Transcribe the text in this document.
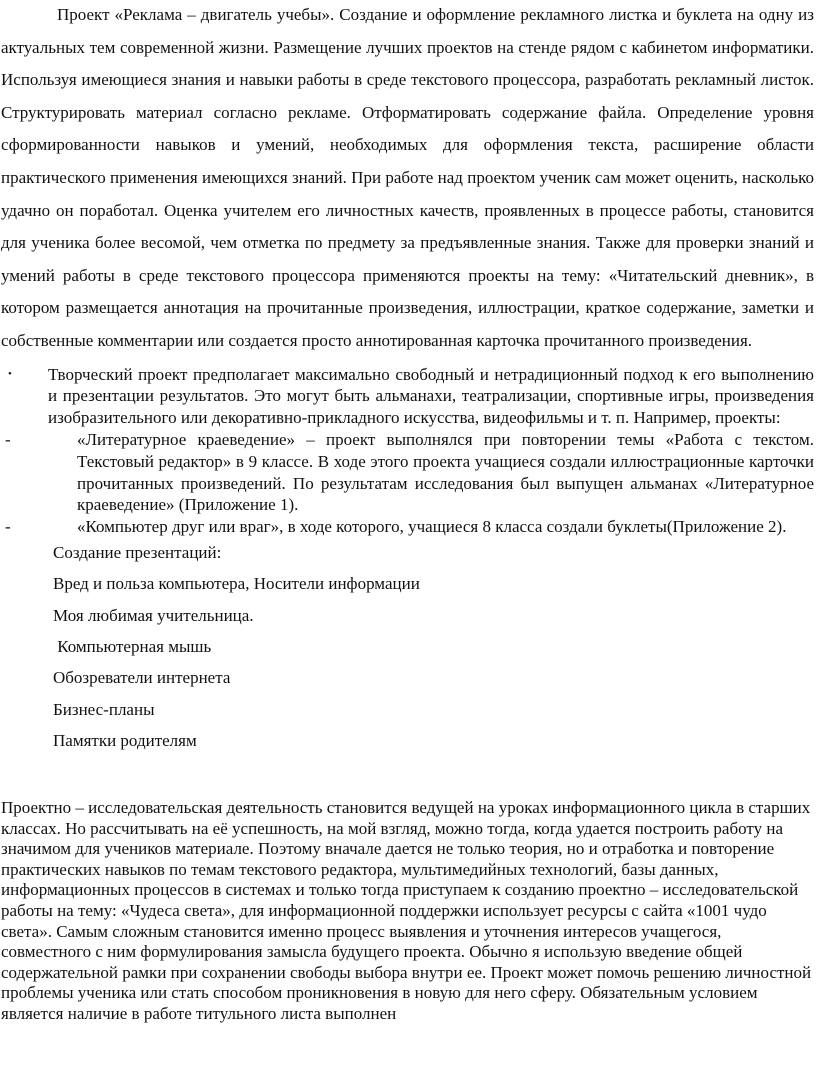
Проект «Реклама – двигатель учебы». Создание и оформление рекламного листка и буклета на одну из актуальных тем современной жизни. Размещение лучших проектов на стенде рядом с кабинетом информатики. Используя имеющиеся знания и навыки работы в среде текстового процессора, разработать рекламный листок. Структурировать материал согласно рекламе. Отформатировать содержание файла. Определение уровня сформированности навыков и умений, необходимых для оформления текста, расширение области практического применения имеющихся знаний. При работе над проектом ученик сам может оценить, насколько удачно он поработал. Оценка учителем его личностных качеств, проявленных в процессе работы, становится для ученика более весомой, чем отметка по предмету за предъявленные знания. Также для проверки знаний и умений работы в среде текстового процессора применяются проекты на тему: «Читательский дневник», в котором размещается аннотация на прочитанные произведения, иллюстрации, краткое содержание, заметки и собственные комментарии или создается просто аннотированная карточка прочитанного произведения.

• Творческий проект предполагает максимально свободный и нетрадиционный подход к его выполнению и презентации результатов. Это могут быть альманахи, театрализации, спортивные игры, произведения изобразительного или декоративно-прикладного искусства, видеофильмы и т. п. Например, проекты:
-	«Литературное краеведение» – проект выполнялся при повторении темы «Работа с текстом. Текстовый редактор» в 9 классе. В ходе этого проекта учащиеся создали иллюстрационные карточки прочитанных произведений. По результатам исследования был выпущен альманах «Литературное краеведение» (Приложение 1).
-	«Компьютер друг или враг», в ходе которого, учащиеся 8 класса создали буклеты(Приложение 2).
Создание презентаций:
Вред и польза компьютера, Носители информации
Моя любимая учительница.
Компьютерная мышь
Обозреватели интернета
Бизнес-планы
Памятки родителям

Проектно – исследовательская деятельность становится ведущей на уроках информационного цикла в старших классах. Но рассчитывать на её успешность, на мой взгляд, можно тогда, когда удается построить работу на значимом для учеников материале. Поэтому вначале дается не только теория, но и отработка и повторение практических навыков по темам текстового редактора, мультимедийных технологий, базы данных, информационных процессов в системах и только тогда приступаем к созданию проектно – исследовательской работы на тему: «Чудеса света», для информационной поддержки использует ресурсы с сайта «1001 чудо света». Самым сложным становится именно процесс выявления и уточнения интересов учащегося, совместного с ним формулирования замысла будущего проекта. Обычно я использую введение общей содержательной рамки при сохранении свободы выбора внутри ее. Проект может помочь решению личностной проблемы ученика или стать способом проникновения в новую для него сферу. Обязательным условием является наличие в работе титульного листа выполнен
